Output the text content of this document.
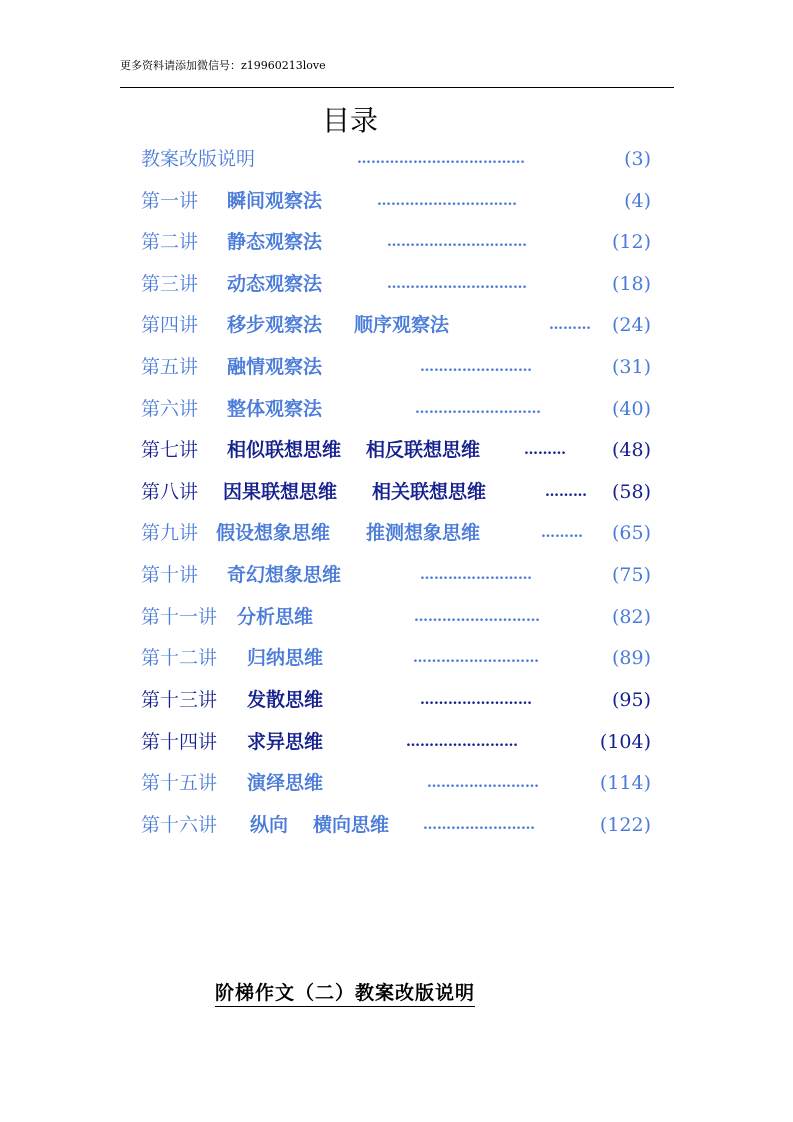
更多资料请添加微信号：z19960213love
目录
教案改版说明	………………………………	(3)
第一讲 瞬间观察法	…………………………	(4)
第二讲 静态观察法	…………………………	(12)
第三讲 动态观察法	…………………………	(18)
第四讲 移步观察法 顺序观察法	……… (24)
第五讲 融情观察法	……………………	(31)
第六讲 整体观察法	………………………	(40)
第七讲 相似联想思维 相反联想思维	……… (48)
第八讲 因果联想思维 相关联想思维	……… (58)
第九讲 假设想象思维 推测想象思维	……… (65)
第十讲 奇幻想象思维	……………………	(75)
第十一讲 分析思维	………………………	(82)
第十二讲 归纳思维	………………………	(89)
第十三讲 发散思维	……………………	(95)
第十四讲 求异思维	……………………	(104)
第十五讲 演绎思维	……………………	(114)
第十六讲 纵向 横向思维 ……………………	(122)
阶梯作文（二）教案改版说明
